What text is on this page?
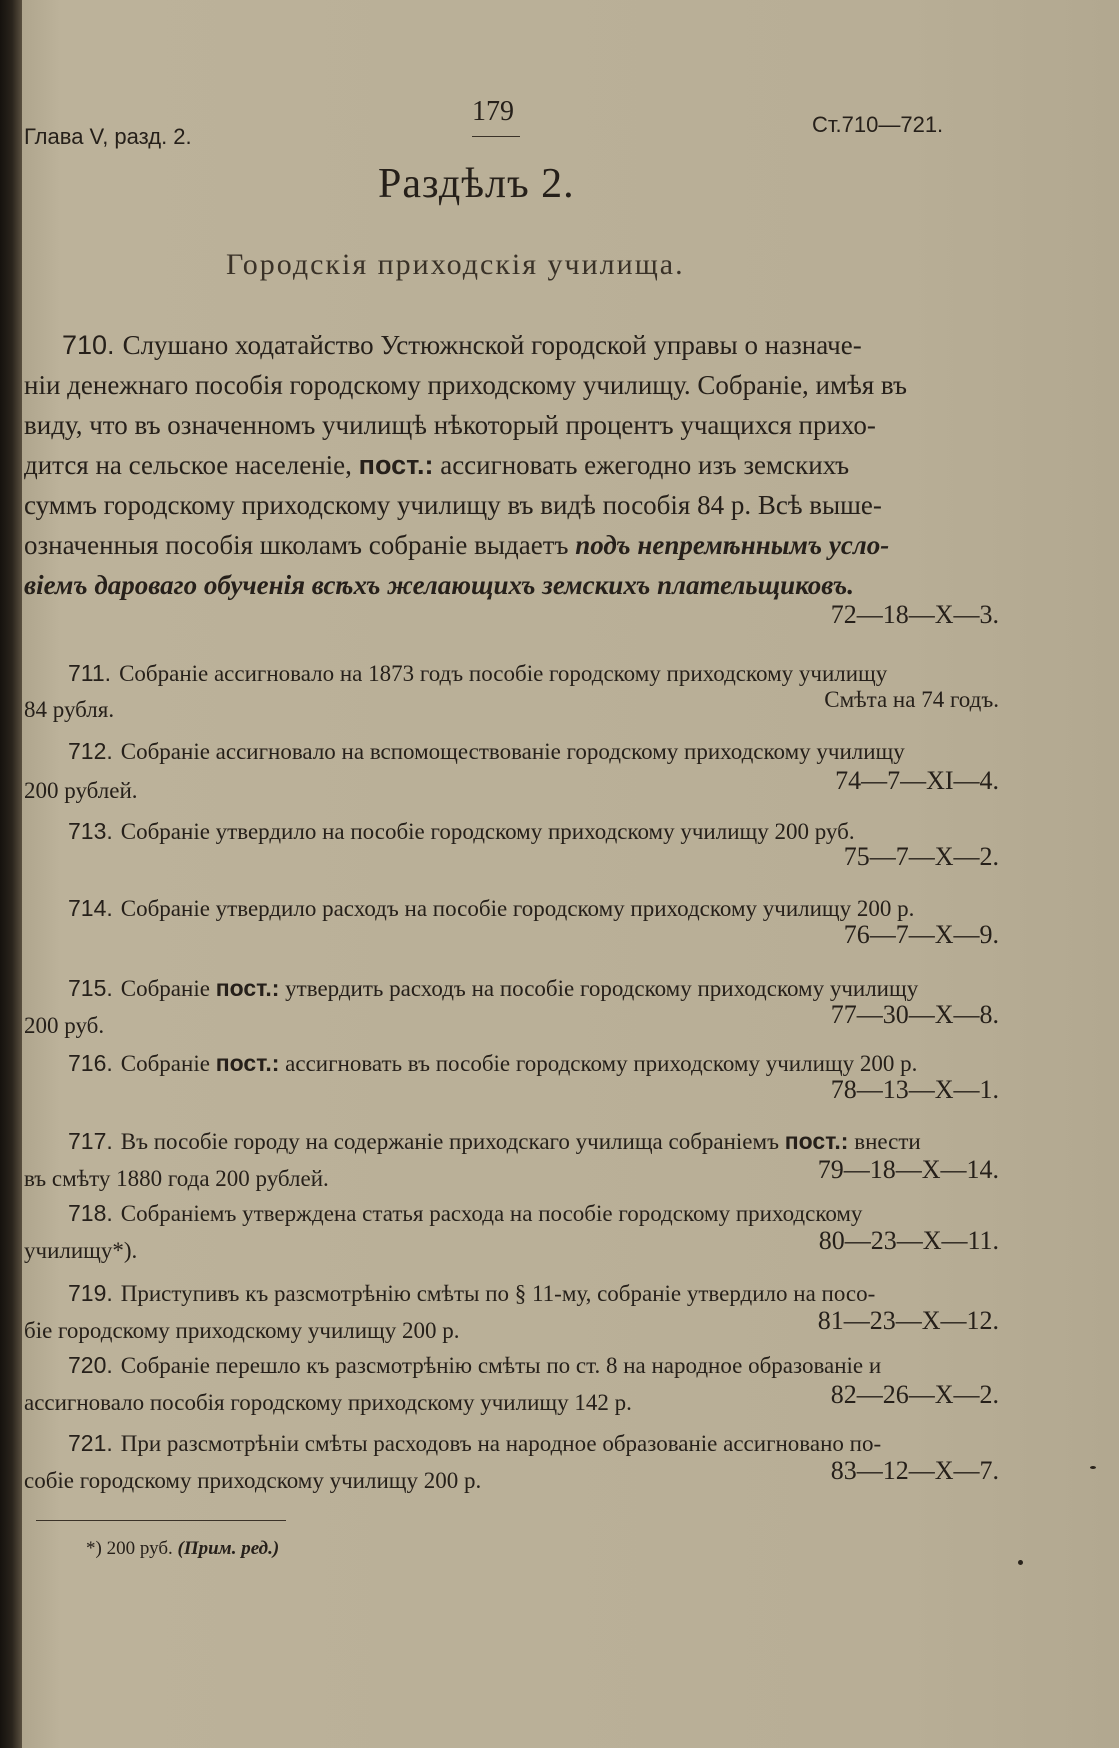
Глава V, разд. 2.
179	Ст.710—721.
Раздѣлъ 2.
Городскія приходскія училища.
710. Слушано ходатайство Устюжнской городской управы о назначе-
ніи денежнаго пособія городскому приходскому училищу. Собраніе, имѣя въ
виду, что въ означенномъ училищѣ нѣкоторый процентъ учащихся прихо-
дится на сельское населеніе, пост.: ассигновать ежегодно изъ земскихъ
суммъ городскому приходскому училищу въ видѣ пособія 84 р. Всѣ выше-
означенныя пособія школамъ собраніе выдаетъ подъ непремѣннымъ усло-
віемъ дароваго обученія всѣхъ желающихъ земскихъ плательщиковъ.
72—18—X—3.
711. Собраніе ассигновало на 1873 годъ пособіе городскому приходскому училищу
84 рубля.	Смѣта на 74 годъ.
712. Собраніе ассигновало на вспомоществованіе городскому приходскому училищу
200 рублей.	74—7—XI—4.
713. Собраніе утвердило на пособіе городскому приходскому училищу 200 руб.
75—7—X—2.
714. Собраніе утвердило расходъ на пособіе городскому приходскому училищу 200 р.
76—7—X—9.
715. Собраніе пост.: утвердить расходъ на пособіе городскому приходскому училищу
200 руб.	77—30—X—8.
716. Собраніе пост.: ассигновать въ пособіе городскому приходскому училищу 200 р.
78—13—X—1.
717. Въ пособіе городу на содержаніе приходскаго училища собраніемъ пост.: внести
въ смѣту 1880 года 200 рублей.	79—18—X—14.
718. Собраніемъ утверждена статья расхода на пособіе городскому приходскому
училищу*).	80—23—X—11.
719. Приступивъ къ разсмотрѣнію смѣты по § 11-му, собраніе утвердило на посо-
біе городскому приходскому училищу 200 р.	81—23—X—12.
720. Собраніе перешло къ разсмотрѣнію смѣты по ст. 8 на народное образованіе и
ассигновало пособія городскому приходскому училищу 142 р.	82—26—X—2.
721. При разсмотрѣніи смѣты расходовъ на народное образованіе ассигновано по-
собіе городскому приходскому училищу 200 р.	83—12—X—7.
*) 200 руб. (Прим. ред.)
